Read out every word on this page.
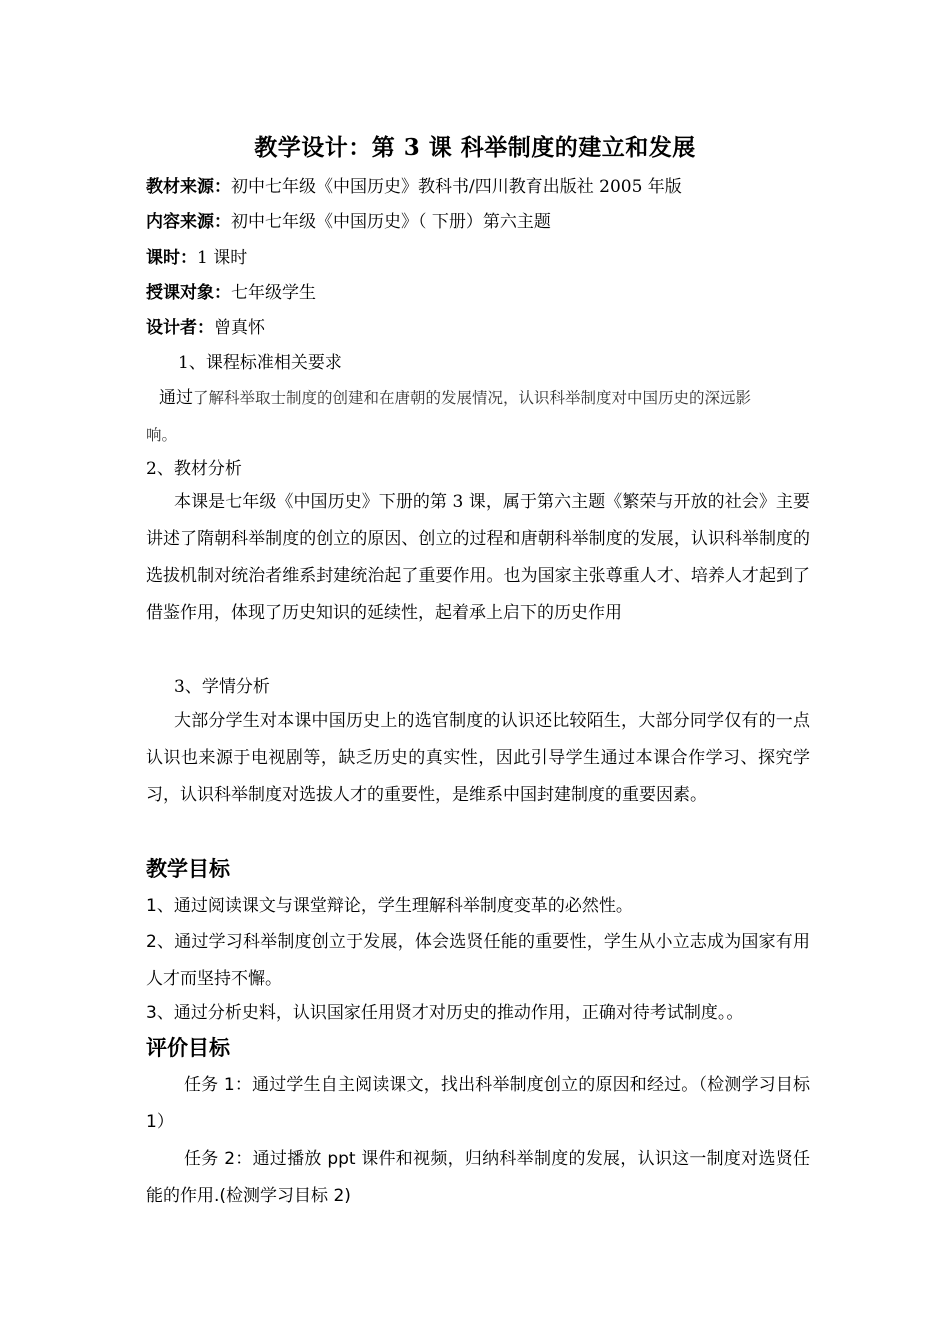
教学设计：第 3 课 科举制度的建立和发展
教材来源：初中七年级《中国历史》教科书/四川教育出版社 2005 年版
内容来源：初中七年级《中国历史》（ 下册）第六主题
课时：1 课时
授课对象：七年级学生
设计者：曾真怀
1、课程标准相关要求
通过了解科举取士制度的创建和在唐朝的发展情况，认识科举制度对中国历史的深远影
响。
2、教材分析
本课是七年级《中国历史》下册的第 3 课，属于第六主题《繁荣与开放的社会》主要讲述了隋朝科举制度的创立的原因、创立的过程和唐朝科举制度的发展，认识科举制度的选拔机制对统治者维系封建统治起了重要作用。也为国家主张尊重人才、培养人才起到了借鉴作用，体现了历史知识的延续性，起着承上启下的历史作用
3、学情分析
大部分学生对本课中国历史上的选官制度的认识还比较陌生，大部分同学仅有的一点认识也来源于电视剧等，缺乏历史的真实性，因此引导学生通过本课合作学习、探究学习，认识科举制度对选拔人才的重要性，是维系中国封建制度的重要因素。
教学目标
1、通过阅读课文与课堂辩论，学生理解科举制度变革的必然性。
2、通过学习科举制度创立于发展，体会选贤任能的重要性，学生从小立志成为国家有用人才而坚持不懈。
3、通过分析史料，认识国家任用贤才对历史的推动作用，正确对待考试制度。。
评价目标
任务 1：通过学生自主阅读课文，找出科举制度创立的原因和经过。（检测学习目标 1）
任务 2：通过播放 ppt 课件和视频，归纳科举制度的发展，认识这一制度对选贤任能的作用.(检测学习目标 2)
